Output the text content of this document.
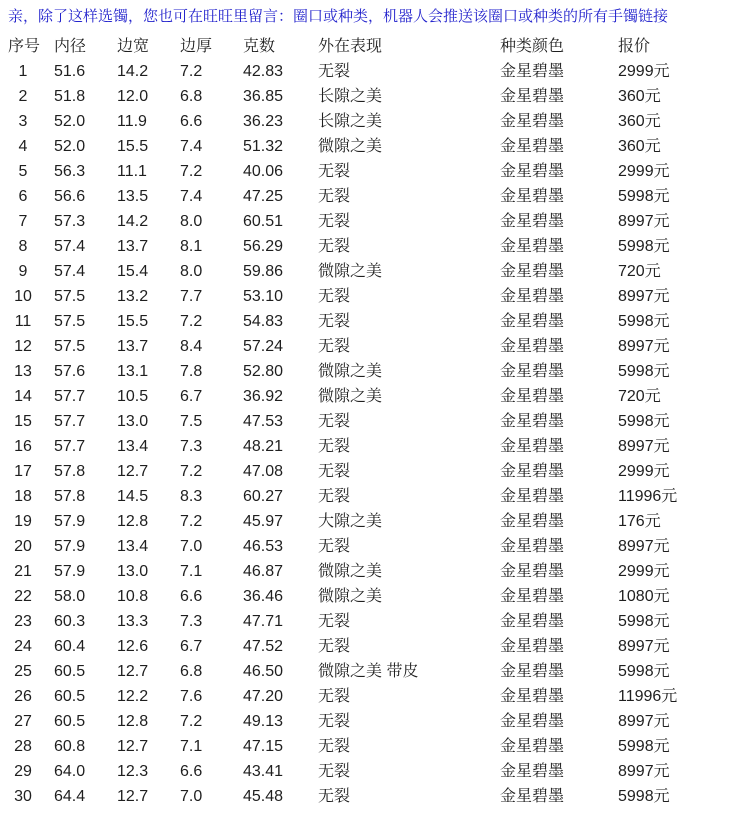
亲，除了这样选镯，您也可在旺旺里留言：圈口或种类，机器人会推送该圈口或种类的所有手镯链接
序号 内径	边宽	边厚	克数	外在表现	种类颜色	报价
1	51.6	14.2	7.2	42.83	无裂	金星碧墨	2999元
2	51.8	12.0	6.8	36.85	长隙之美	金星碧墨	360元
3	52.0	11.9	6.6	36.23	长隙之美	金星碧墨	360元
4	52.0	15.5	7.4	51.32	微隙之美	金星碧墨	360元
5	56.3	11.1	7.2	40.06	无裂	金星碧墨	2999元
6	56.6	13.5	7.4	47.25	无裂	金星碧墨	5998元
7	57.3	14.2	8.0	60.51	无裂	金星碧墨	8997元
8	57.4	13.7	8.1	56.29	无裂	金星碧墨	5998元
9	57.4	15.4	8.0	59.86	微隙之美	金星碧墨	720元
10	57.5	13.2	7.7	53.10	无裂	金星碧墨	8997元
11	57.5	15.5	7.2	54.83	无裂	金星碧墨	5998元
12	57.5	13.7	8.4	57.24	无裂	金星碧墨	8997元
13	57.6	13.1	7.8	52.80	微隙之美	金星碧墨	5998元
14	57.7	10.5	6.7	36.92	微隙之美	金星碧墨	720元
15	57.7	13.0	7.5	47.53	无裂	金星碧墨	5998元
16	57.7	13.4	7.3	48.21	无裂	金星碧墨	8997元
17	57.8	12.7	7.2	47.08	无裂	金星碧墨	2999元
18	57.8	14.5	8.3	60.27	无裂	金星碧墨	11996元
19	57.9	12.8	7.2	45.97	大隙之美	金星碧墨	176元
20	57.9	13.4	7.0	46.53	无裂	金星碧墨	8997元
21	57.9	13.0	7.1	46.87	微隙之美	金星碧墨	2999元
22	58.0	10.8	6.6	36.46	微隙之美	金星碧墨	1080元
23	60.3	13.3	7.3	47.71	无裂	金星碧墨	5998元
24	60.4	12.6	6.7	47.52	无裂	金星碧墨	8997元
25	60.5	12.7	6.8	46.50	微隙之美 带皮	金星碧墨	5998元
26	60.5	12.2	7.6	47.20	无裂	金星碧墨	11996元
27	60.5	12.8	7.2	49.13	无裂	金星碧墨	8997元
28	60.8	12.7	7.1	47.15	无裂	金星碧墨	5998元
29	64.0	12.3	6.6	43.41	无裂	金星碧墨	8997元
30	64.4	12.7	7.0	45.48	无裂	金星碧墨	5998元
